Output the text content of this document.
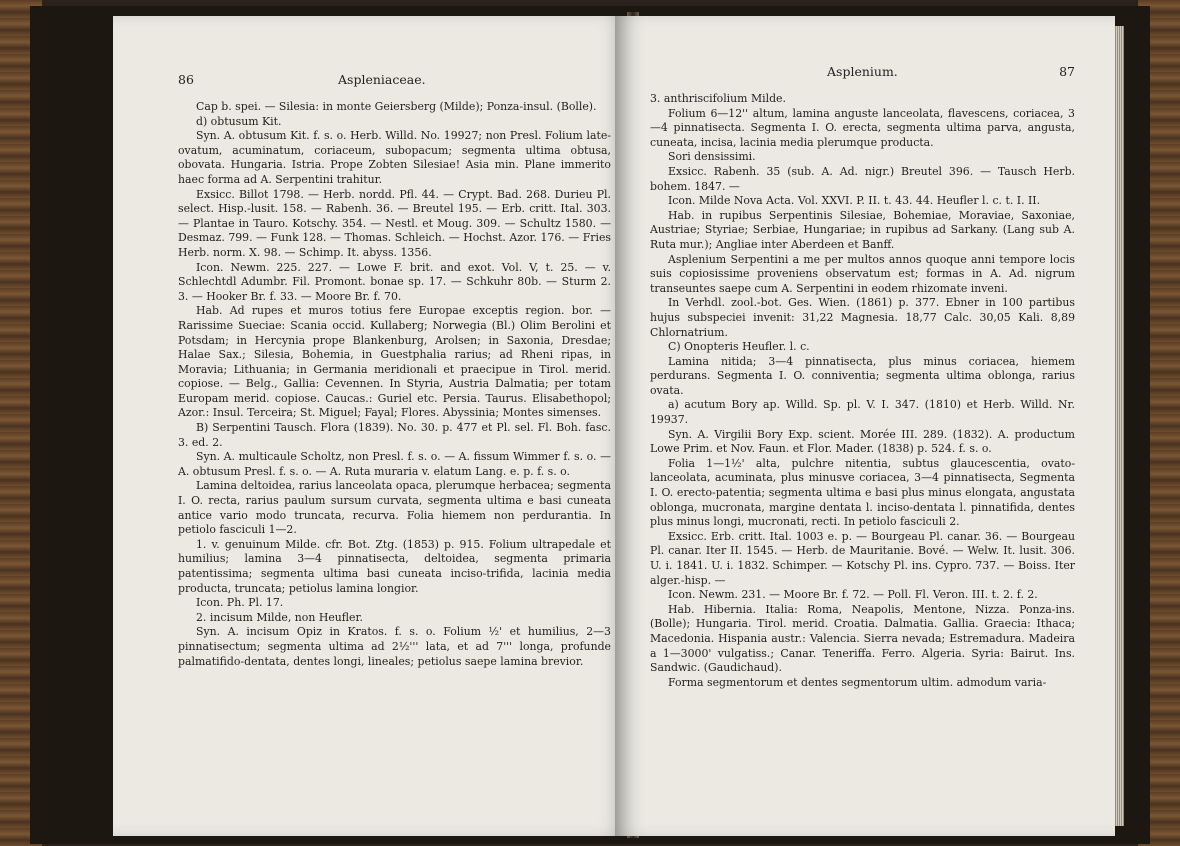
86	Aspleniaceae.

Cap b. spei. — Silesia: in monte Geiersberg (Milde); Ponza-insul. (Bolle).

d) obtusum Kit.

Syn. A. obtusum Kit. f. s. o. Herb. Willd. No. 19927; non Presl. Folium late-ovatum, acuminatum, coriaceum, subopacum; segmenta ultima obtusa, obovata. Hungaria. Istria. Prope Zobten Silesiae! Asia min. Plane immerito haec forma ad A. Serpentini trahitur.

Exsicc. Billot 1798. — Herb. nordd. Pfl. 44. — Crypt. Bad. 268. Durieu Pl. select. Hisp.-lusit. 158. — Rabenh. 36. — Breutel 195. — Erb. critt. Ital. 303. — Plantae in Tauro. Kotschy. 354. — Nestl. et Moug. 309. — Schultz 1580. — Desmaz. 799. — Funk 128. — Thomas. Schleich. — Hochst. Azor. 176. — Fries Herb. norm. X. 98. — Schimp. It. abyss. 1356.

Icon. Newm. 225. 227. — Lowe F. brit. and exot. Vol. V, t. 25. — v. Schlechtdl Adumbr. Fil. Promont. bonae sp. 17. — Schkuhr 80b. — Sturm 2. 3. — Hooker Br. f. 33. — Moore Br. f. 70.

Hab. Ad rupes et muros totius fere Europae exceptis region. bor. — Rarissime Sueciae: Scania occid. Kullaberg; Norwegia (Bl.) Olim Berolini et Potsdam; in Hercynia prope Blankenburg, Arolsen; in Saxonia, Dresdae; Halae Sax.; Silesia, Bohemia, in Guestphalia rarius; ad Rheni ripas, in Moravia; Lithuania; in Germania meridionali et praecipue in Tirol. merid. copiose. — Belg., Gallia: Cevennen. In Styria, Austria Dalmatia; per totam Europam merid. copiose. Caucas.: Guriel etc. Persia. Taurus. Elisabethopol; Azor.: Insul. Terceira; St. Miguel; Fayal; Flores. Abyssinia; Montes simenses.

B) Serpentini Tausch. Flora (1839). No. 30. p. 477 et Pl. sel. Fl. Boh. fasc. 3. ed. 2.

Syn. A. multicaule Scholtz, non Presl. f. s. o. — A. fissum Wimmer f. s. o. — A. obtusum Presl. f. s. o. — A. Ruta muraria v. elatum Lang. e. p. f. s. o.

Lamina deltoidea, rarius lanceolata opaca, plerumque herbacea; segmenta I. O. recta, rarius paulum sursum curvata, segmenta ultima e basi cuneata antice vario modo truncata, recurva. Folia hiemem non perdurantia. In petiolo fasciculi 1—2.

1. v. genuinum Milde. cfr. Bot. Ztg. (1853) p. 915. Folium ultrapedale et humilius; lamina 3—4 pinnatisecta, deltoidea, segmenta primaria patentissima; segmenta ultima basi cuneata inciso-trifida, lacinia media producta, truncata; petiolus lamina longior.

Icon. Ph. Pl. 17.

2. incisum Milde, non Heufler.

Syn. A. incisum Opiz in Kratos. f. s. o. Folium ½' et humilius, 2—3 pinnatisectum; segmenta ultima ad 2½''' lata, et ad 7''' longa, profunde palmatifido-dentata, dentes longi, lineales; petiolus saepe lamina brevior.

Asplenium.	87

3. anthriscifolium Milde.

Folium 6—12'' altum, lamina anguste lanceolata, flavescens, coriacea, 3—4 pinnatisecta. Segmenta I. O. erecta, segmenta ultima parva, angusta, cuneata, incisa, lacinia media plerumque producta.

Sori densissimi.

Exsicc. Rabenh. 35 (sub. A. Ad. nigr.) Breutel 396. — Tausch Herb. bohem. 1847. —

Icon. Milde Nova Acta. Vol. XXVI. P. II. t. 43. 44. Heufler l. c. t. I. II.

Hab. in rupibus Serpentinis Silesiae, Bohemiae, Moraviae, Saxoniae, Austriae; Styriae; Serbiae, Hungariae; in rupibus ad Sarkany. (Lang sub A. Ruta mur.); Angliae inter Aberdeen et Banff.

Asplenium Serpentini a me per multos annos quoque anni tempore locis suis copiosissime proveniens observatum est; formas in A. Ad. nigrum transeuntes saepe cum A. Serpentini in eodem rhizomate inveni.

In Verhdl. zool.-bot. Ges. Wien. (1861) p. 377. Ebner in 100 partibus hujus subspeciei invenit: 31,22 Magnesia. 18,77 Calc. 30,05 Kali. 8,89 Chlornatrium.

C) Onopteris Heufler. l. c.

Lamina nitida; 3—4 pinnatisecta, plus minus coriacea, hiemem perdurans. Segmenta I. O. conniventia; segmenta ultima oblonga, rarius ovata.

a) acutum Bory ap. Willd. Sp. pl. V. I. 347. (1810) et Herb. Willd. Nr. 19937.

Syn. A. Virgilii Bory Exp. scient. Morée III. 289. (1832). A. productum Lowe Prim. et Nov. Faun. et Flor. Mader. (1838) p. 524. f. s. o.

Folia 1—1½' alta, pulchre nitentia, subtus glaucescentia, ovato-lanceolata, acuminata, plus minusve coriacea, 3—4 pinnatisecta, Segmenta I. O. erecto-patentia; segmenta ultima e basi plus minus elongata, angustata oblonga, mucronata, margine dentata l. inciso-dentata l. pinnatifida, dentes plus minus longi, mucronati, recti. In petiolo fasciculi 2.

Exsicc. Erb. critt. Ital. 1003 e. p. — Bourgeau Pl. canar. 36. — Bourgeau Pl. canar. Iter II. 1545. — Herb. de Mauritanie. Bové. — Welw. It. lusit. 306. U. i. 1841. U. i. 1832. Schimper. — Kotschy Pl. ins. Cypro. 737. — Boiss. Iter alger.-hisp. —

Icon. Newm. 231. — Moore Br. f. 72. — Poll. Fl. Veron. III. t. 2. f. 2.

Hab. Hibernia. Italia: Roma, Neapolis, Mentone, Nizza. Ponza-ins. (Bolle); Hungaria. Tirol. merid. Croatia. Dalmatia. Gallia. Graecia: Ithaca; Macedonia. Hispania austr.: Valencia. Sierra nevada; Estremadura. Madeira a 1—3000' vulgatiss.; Canar. Teneriffa. Ferro. Algeria. Syria: Bairut. Ins. Sandwic. (Gaudichaud).

Forma segmentorum et dentes segmentorum ultim. admodum varia-
